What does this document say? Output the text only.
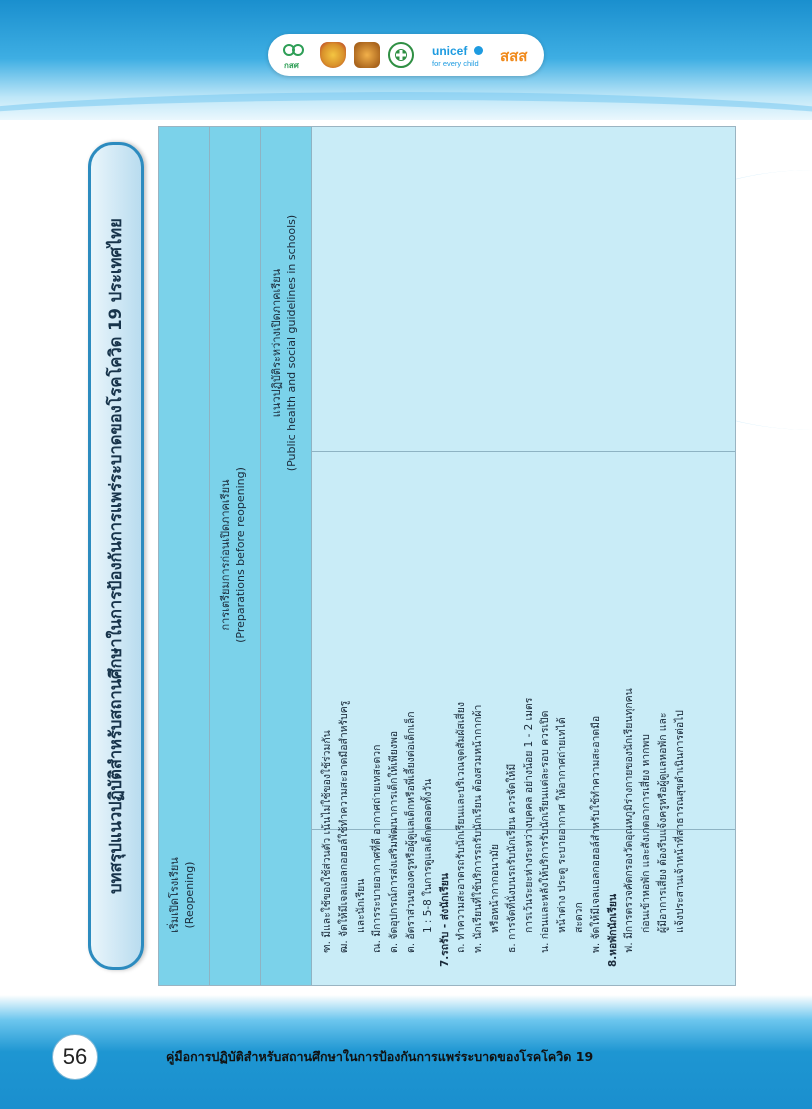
กสศ
unicef
for every child	สสส
เริ่มเปิดโรงเรียน (Reopening)
การเตรียมการก่อนเปิดภาคเรียน (Preparations before reopening)
แนวปฏิบัติระหว่างเปิดภาคเรียน (Public health and social guidelines in schools)
ฑ. มีและใช้ของใช้ส่วนตัว เน้นไม่ใช้ของใช้ร่วมกัน ฒ. จัดให้มีเจลแอลกอฮอล์ใช้ทำความสะอาดมือสำหรับครู และนักเรียน ณ. มีการระบายอากาศที่ดี อากาศถ่ายเทสะดวก ด. จัดอุปกรณ์การส่งเสริมพัฒนาการเด็กให้เพียงพอ ต. อัตราส่วนของครูหรือผู้ดูแลเด็กหรือพี่เลี้ยงต่อเด็กเล็ก 1 : 5-8 ในการดูแลเด็กตลอดทั้งวัน 7.รถรับ - ส่งนักเรียน ถ. ทำความสะอาดรถรับนักเรียนและบริเวณจุดสัมผัสเสี่ยง ท. นักเรียนที่ใช้บริการรถรับนักเรียน ต้องสวมหน้ากากผ้า หรือหน้ากากอนามัย ธ. การจัดที่นั่งบนรถรับนักเรียน ควรจัดให้มี การเว้นระยะห่างระหว่างบุคคล อย่างน้อย 1 - 2 เมตร น. ก่อนและหลังให้บริการรับนักเรียนแต่ละรอบ ควรเปิด หน้าต่าง ประตู ระบายอากาศ ให้อากาศถ่ายเทได้ สะดวก พ. จัดให้มีเจลแอลกอฮอล์สำหรับใช้ทำความสะอาดมือ 8.หอพักนักเรียน ฟ. มีการตรวจคัดกรองวัดอุณหภูมิร่างกายของนักเรียนทุกคน ก่อนเข้าหอพัก และสังเกตอาการเสี่ยง หากพบ ผู้มีอาการเสี่ยง ต้องรีบแจ้งครูหรือผู้ดูแลหอพัก และ แจ้งประสานเจ้าหน้าที่สาธารณสุขดำเนินการต่อไป
บทสรุปแนวปฏิบัติสำหรับสถานศึกษาในการป้องกันการแพร่ระบาดของโรคโควิด 19 ประเทศไทย
56	คู่มือการปฏิบัติสำหรับสถานศึกษาในการป้องกันการแพร่ระบาดของโรคโควิด 19
